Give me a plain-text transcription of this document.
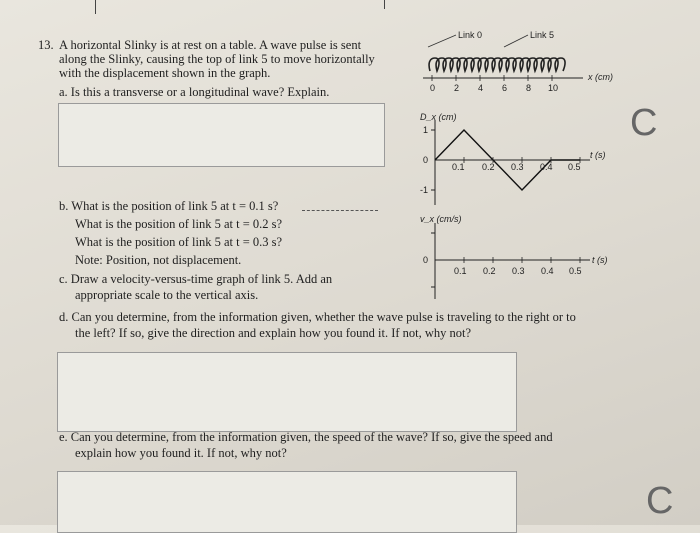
13. A horizontal Slinky is at rest on a table. A wave pulse is sent
along the Slinky, causing the top of link 5 to move horizontally
with the displacement shown in the graph.
a. Is this a transverse or a longitudinal wave? Explain.
b. What is the position of link 5 at t = 0.1 s?
What is the position of link 5 at t = 0.2 s?
What is the position of link 5 at t = 0.3 s?
Note: Position, not displacement.
c. Draw a velocity-versus-time graph of link 5. Add an
appropriate scale to the vertical axis.
d. Can you determine, from the information given, whether the wave pulse is traveling to the right or to
the left? If so, give the direction and explain how you found it. If not, why not?
e. Can you determine, from the information given, the speed of the wave? If so, give the speed and
explain how you found it. If not, why not?
Link 0	Link 5
x (cm)
0 2 4 6 8 10
D_x (cm)
1
0
-1
0.1 0.2 0.3 0.4 0.5
t (s)
v_x (cm/s)
0
0.1 0.2 0.3 0.4 0.5
t (s)
C
C
